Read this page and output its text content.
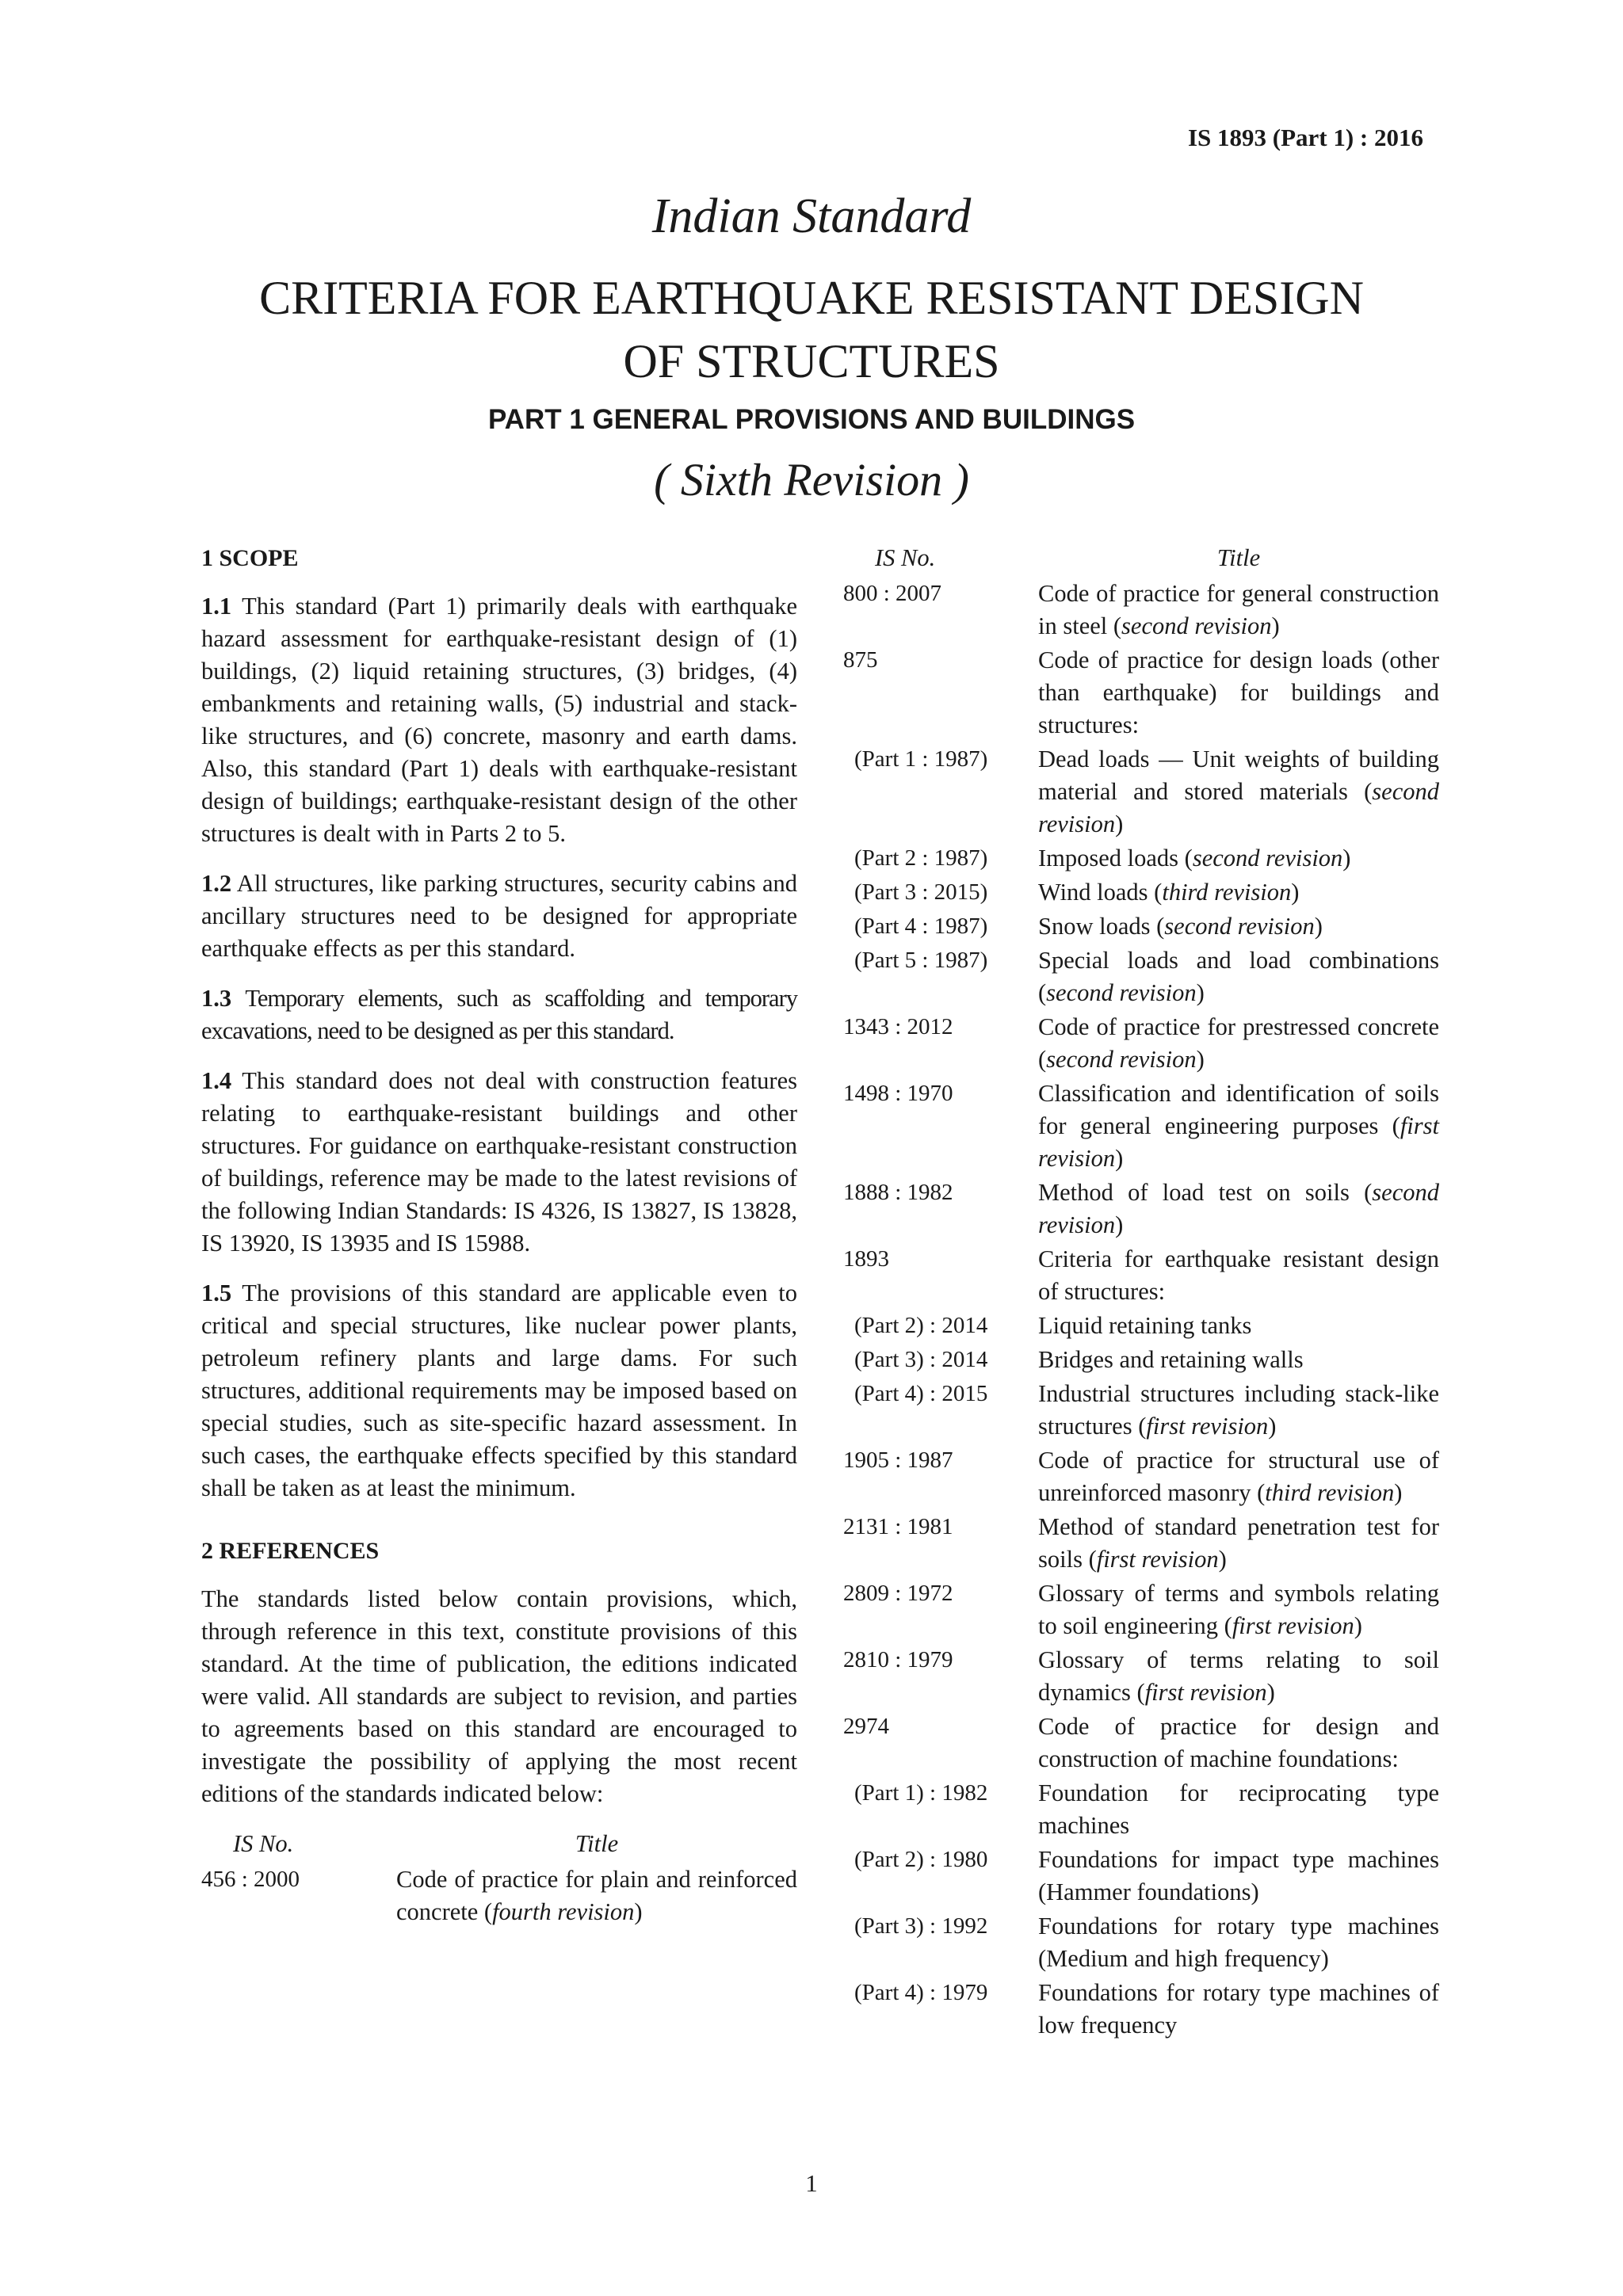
IS 1893 (Part 1) : 2016
Indian Standard
CRITERIA FOR EARTHQUAKE RESISTANT DESIGN
OF STRUCTURES
PART 1 GENERAL PROVISIONS AND BUILDINGS
( Sixth Revision )
1 SCOPE

1.1 This standard (Part 1) primarily deals with earthquake hazard assessment for earthquake-resistant design of (1) buildings, (2) liquid retaining structures, (3) bridges, (4) embankments and retaining walls, (5) industrial and stack-like structures, and (6) concrete, masonry and earth dams. Also, this standard (Part 1) deals with earthquake-resistant design of buildings; earthquake-resistant design of the other structures is dealt with in Parts 2 to 5.

1.2 All structures, like parking structures, security cabins and ancillary structures need to be designed for appropriate earthquake effects as per this standard.

1.3 Temporary elements, such as scaffolding and temporary excavations, need to be designed as per this standard.

1.4 This standard does not deal with construction features relating to earthquake-resistant buildings and other structures. For guidance on earthquake-resistant construction of buildings, reference may be made to the latest revisions of the following Indian Standards: IS 4326, IS 13827, IS 13828, IS 13920, IS 13935 and IS 15988.

1.5 The provisions of this standard are applicable even to critical and special structures, like nuclear power plants, petroleum refinery plants and large dams. For such structures, additional requirements may be imposed based on special studies, such as site-specific hazard assessment. In such cases, the earthquake effects specified by this standard shall be taken as at least the minimum.

2 REFERENCES

The standards listed below contain provisions, which, through reference in this text, constitute provisions of this standard. At the time of publication, the editions indicated were valid. All standards are subject to revision, and parties to agreements based on this standard are encouraged to investigate the possibility of applying the most recent editions of the standards indicated below:

IS No.	Title
456 : 2000	Code of practice for plain and reinforced concrete (fourth revision)
IS No.	Title
800 : 2007	Code of practice for general construction in steel (second revision)
875	Code of practice for design loads (other than earthquake) for buildings and structures:
(Part 1 : 1987)	Dead loads — Unit weights of building material and stored materials (second revision)
(Part 2 : 1987)	Imposed loads (second revision)
(Part 3 : 2015)	Wind loads (third revision)
(Part 4 : 1987)	Snow loads (second revision)
(Part 5 : 1987)	Special loads and load combinations (second revision)
1343 : 2012	Code of practice for prestressed concrete (second revision)
1498 : 1970	Classification and identification of soils for general engineering purposes (first revision)
1888 : 1982	Method of load test on soils (second revision)
1893	Criteria for earthquake resistant design of structures:
(Part 2) : 2014	Liquid retaining tanks
(Part 3) : 2014	Bridges and retaining walls
(Part 4) : 2015	Industrial structures including stack-like structures (first revision)
1905 : 1987	Code of practice for structural use of unreinforced masonry (third revision)
2131 : 1981	Method of standard penetration test for soils (first revision)
2809 : 1972	Glossary of terms and symbols relating to soil engineering (first revision)
2810 : 1979	Glossary of terms relating to soil dynamics (first revision)
2974	Code of practice for design and construction of machine foundations:
(Part 1) : 1982	Foundation for reciprocating type machines
(Part 2) : 1980	Foundations for impact type machines (Hammer foundations)
(Part 3) : 1992	Foundations for rotary type machines (Medium and high frequency)
(Part 4) : 1979	Foundations for rotary type machines of low frequency
1
